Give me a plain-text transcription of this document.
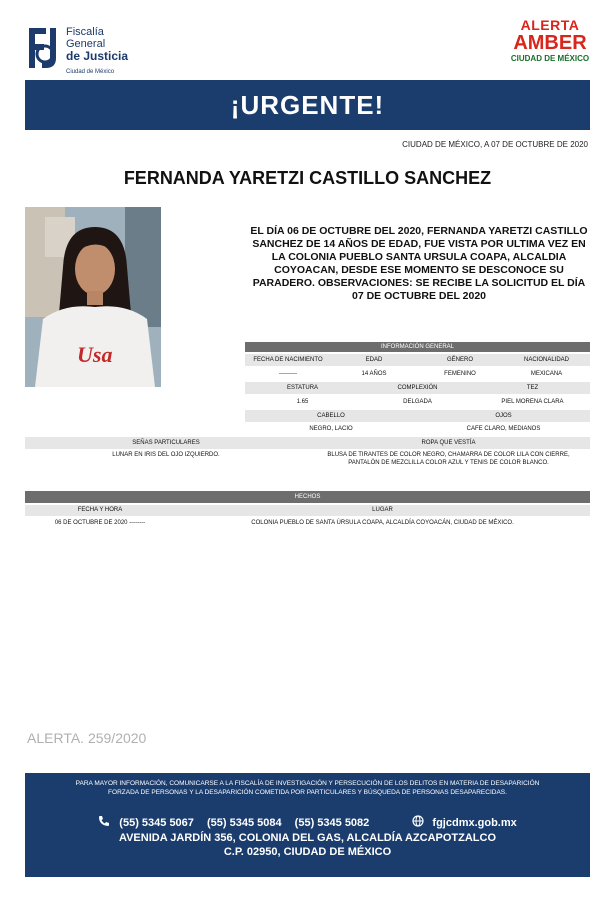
Fiscalía
General
de Justicia
Ciudad de México
ALERTA
AMBER
CIUDAD DE MÉXICO
¡URGENTE!
CIUDAD DE MÉXICO, A 07 DE OCTUBRE DE 2020
FERNANDA YARETZI CASTILLO SANCHEZ
Usa
EL DÍA 06 DE OCTUBRE DEL 2020, FERNANDA YARETZI CASTILLO SANCHEZ DE 14 AÑOS DE EDAD, FUE VISTA POR ULTIMA VEZ EN LA COLONIA PUEBLO SANTA URSULA COAPA, ALCALDIA COYOACAN, DESDE ESE MOMENTO SE DESCONOCE SU PARADERO. OBSERVACIONES: SE RECIBE LA SOLICITUD EL DÍA 07 DE OCTUBRE DEL 2020
INFORMACIÓN GENERAL
FECHA DE NACIMIENTO	EDAD	GÉNERO	NACIONALIDAD
---------	14 AÑOS	FEMENINO	MEXICANA
ESTATURA	COMPLEXIÓN	TEZ
1.65	DELGADA	PIEL MORENA CLARA
CABELLO	OJOS
NEGRO, LACIO	CAFE CLARO, MEDIANOS
SEÑAS PARTICULARES	ROPA QUE VESTÍA
LUNAR EN IRIS DEL OJO IZQUIERDO.	BLUSA DE TIRANTES DE COLOR NEGRO, CHAMARRA DE COLOR LILA CON CIERRE,
PANTALÓN DE MEZCLILLA COLOR AZUL Y TENIS DE COLOR BLANCO.
HECHOS
FECHA Y HORA	LUGAR
06 DE OCTUBRE DE 2020 --------	COLONIA PUEBLO DE SANTA ÚRSULA COAPA, ALCALDÍA COYOACÁN, CIUDAD DE MÉXICO.
ALERTA. 259/2020
PARA MAYOR INFORMACIÓN, COMUNICARSE A LA FISCALÍA DE INVESTIGACIÓN Y PERSECUCIÓN DE LOS DELITOS EN MATERIA DE DESAPARICIÓN
FORZADA DE PERSONAS Y LA DESAPARICIÓN COMETIDA POR PARTICULARES Y BÚSQUEDA DE PERSONAS DESAPARECIDAS.
(55) 5345 5067 (55) 5345 5084 (55) 5345 5082	fgjcdmx.gob.mx
AVENIDA JARDÍN 356, COLONIA DEL GAS, ALCALDÍA AZCAPOTZALCO
C.P. 02950, CIUDAD DE MÉXICO
